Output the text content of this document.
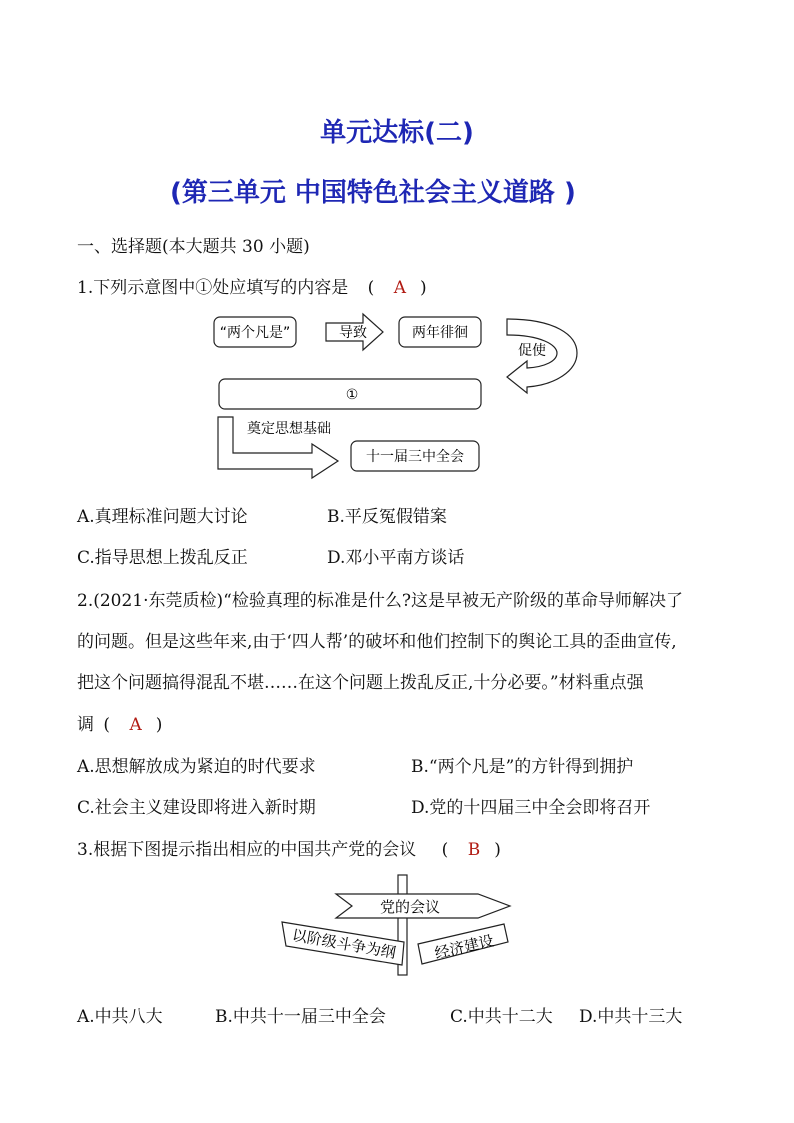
单元达标(二)
(第三单元 中国特色社会主义道路 )
一、选择题(本大题共 30 小题)
1.下列示意图中①处应填写的内容是 ( A )
“两个凡是”	导致	两年徘徊
促使
①
奠定思想基础
十一届三中全会
A.真理标准问题大讨论	B.平反冤假错案
C.指导思想上拨乱反正	D.邓小平南方谈话
2.(2021·东莞质检)“检验真理的标准是什么?这是早被无产阶级的革命导师解决了
的问题。但是这些年来,由于‘四人帮’的破坏和他们控制下的舆论工具的歪曲宣传,
把这个问题搞得混乱不堪……在这个问题上拨乱反正,十分必要。”材料重点强
调 ( A )
A.思想解放成为紧迫的时代要求	B.“两个凡是”的方针得到拥护
C.社会主义建设即将进入新时期	D.党的十四届三中全会即将召开
3.根据下图提示指出相应的中国共产党的会议 ( B )
党的会议
以阶级斗争为纲 经济建设
A.中共八大	B.中共十一届三中全会	C.中共十二大 D.中共十三大
